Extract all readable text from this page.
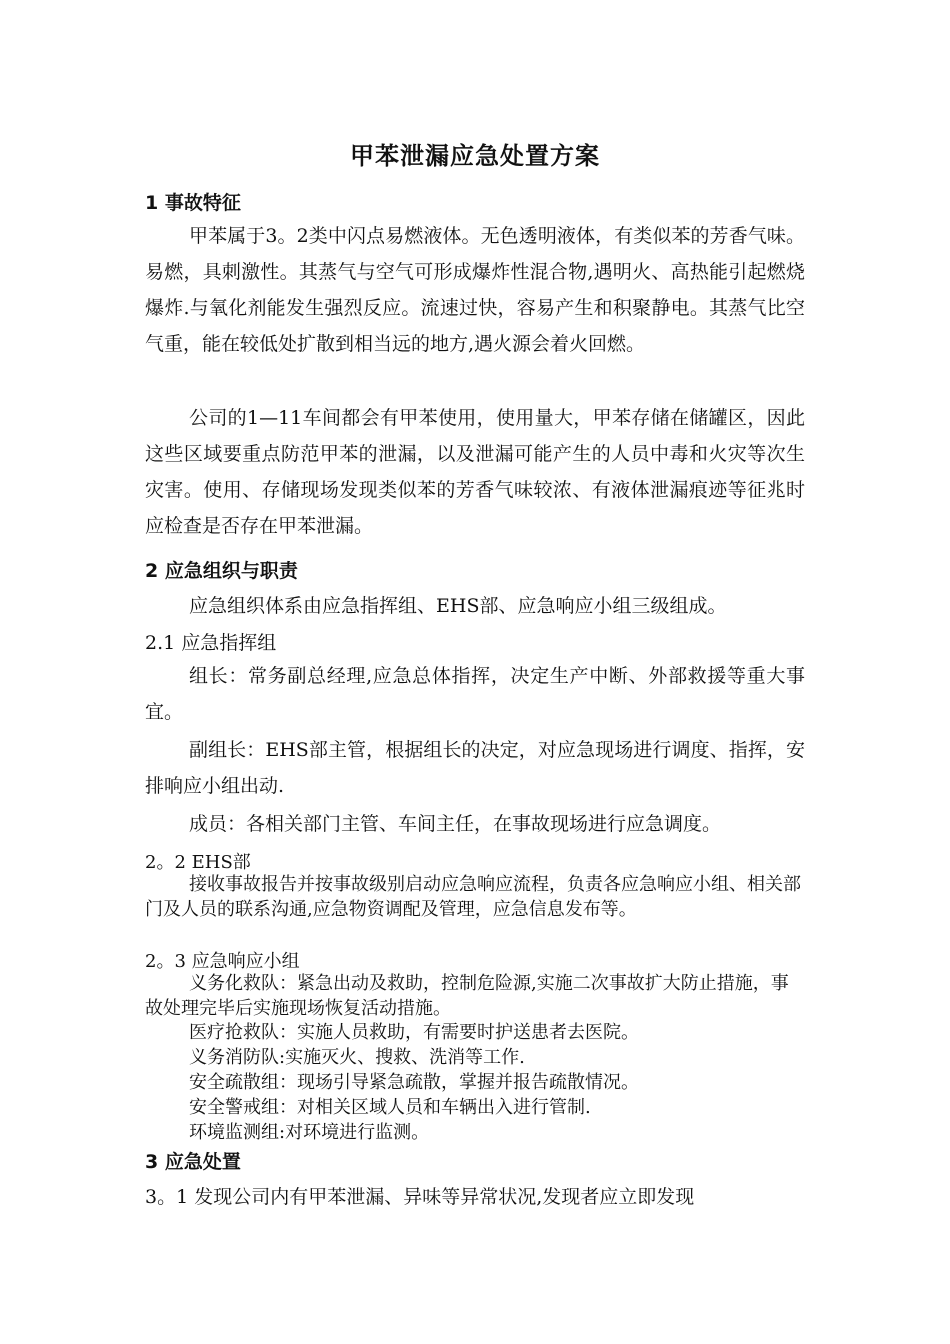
甲苯泄漏应急处置方案
1 事故特征

甲苯属于3。2类中闪点易燃液体。无色透明液体，有类似苯的芳香气味。易燃，具刺激性。其蒸气与空气可形成爆炸性混合物,遇明火、高热能引起燃烧爆炸.与氧化剂能发生强烈反应。流速过快，容易产生和积聚静电。其蒸气比空气重，能在较低处扩散到相当远的地方,遇火源会着火回燃。

公司的1—11车间都会有甲苯使用，使用量大，甲苯存储在储罐区，因此这些区域要重点防范甲苯的泄漏，以及泄漏可能产生的人员中毒和火灾等次生灾害。使用、存储现场发现类似苯的芳香气味较浓、有液体泄漏痕迹等征兆时应检查是否存在甲苯泄漏。

2 应急组织与职责

应急组织体系由应急指挥组、EHS部、应急响应小组三级组成。

2.1 应急指挥组

组长：常务副总经理,应急总体指挥，决定生产中断、外部救援等重大事宜。

副组长：EHS部主管，根据组长的决定，对应急现场进行调度、指挥，安排响应小组出动.

成员：各相关部门主管、车间主任，在事故现场进行应急调度。

2。2 EHS部

接收事故报告并按事故级别启动应急响应流程，负责各应急响应小组、相关部门及人员的联系沟通,应急物资调配及管理，应急信息发布等。

2。3 应急响应小组

义务化救队：紧急出动及救助，控制危险源,实施二次事故扩大防止措施，事故处理完毕后实施现场恢复活动措施。

医疗抢救队：实施人员救助，有需要时护送患者去医院。
义务消防队:实施灭火、搜救、洗消等工作.
安全疏散组：现场引导紧急疏散，掌握并报告疏散情况。
安全警戒组：对相关区域人员和车辆出入进行管制.
环境监测组:对环境进行监测。
3 应急处置
3。1 发现公司内有甲苯泄漏、异味等异常状况,发现者应立即发现
